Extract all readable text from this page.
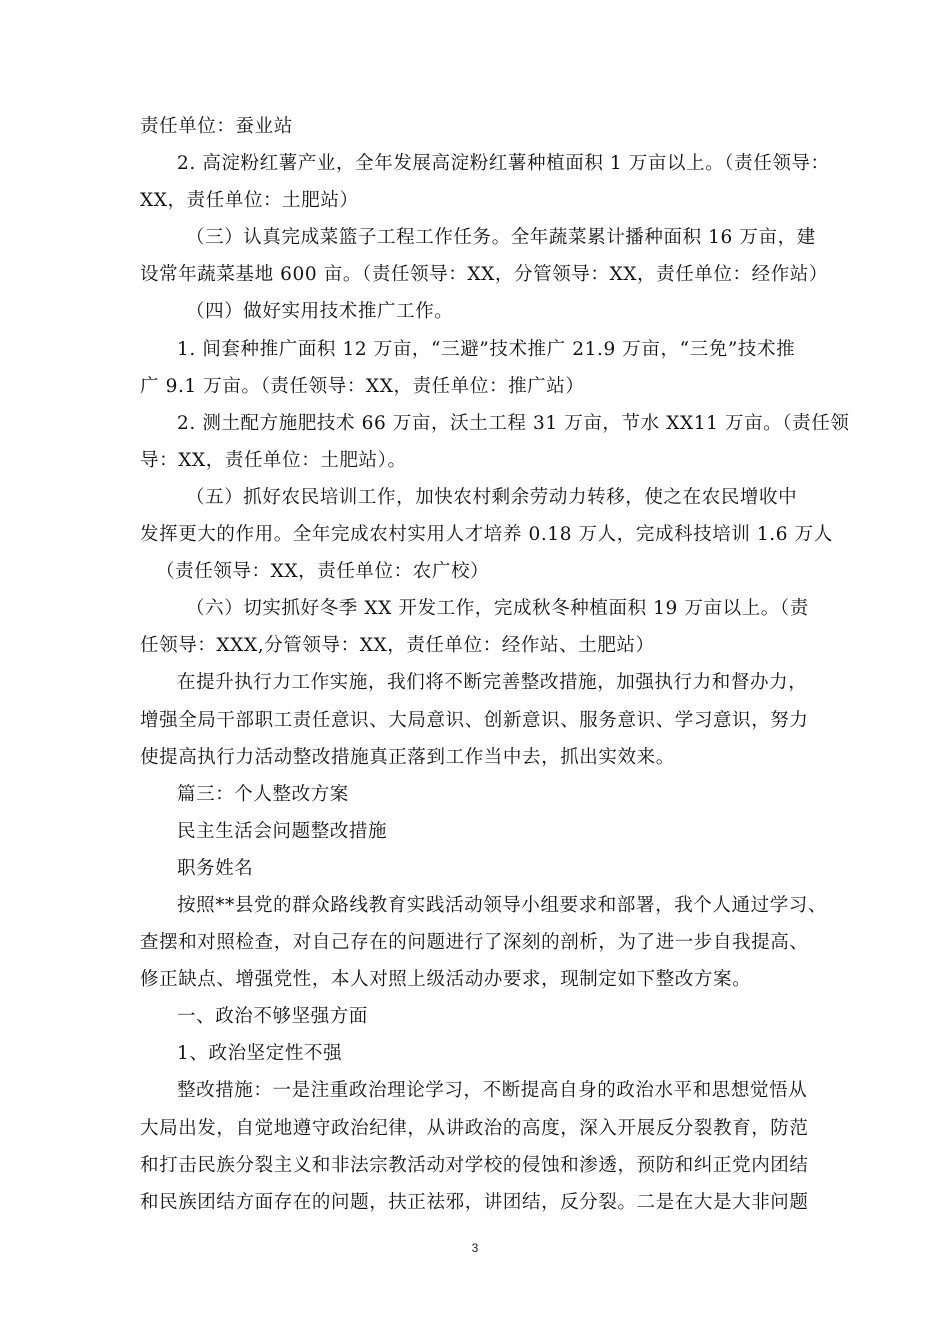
责任单位：蚕业站
2. 高淀粉红薯产业，全年发展高淀粉红薯种植面积 1 万亩以上。（责任领导：
XX，责任单位：土肥站）
（三）认真完成菜篮子工程工作任务。全年蔬菜累计播种面积 16 万亩，建
设常年蔬菜基地 600 亩。（责任领导：XX，分管领导：XX，责任单位：经作站）
（四）做好实用技术推广工作。
1. 间套种推广面积 12 万亩，“三避”技术推广 21.9 万亩，“三免”技术推
广 9.1 万亩。（责任领导：XX，责任单位：推广站）
2. 测土配方施肥技术 66 万亩，沃土工程 31 万亩，节水 XX11 万亩。（责任领
导：XX，责任单位：土肥站）。
（五）抓好农民培训工作，加快农村剩余劳动力转移，使之在农民增收中
发挥更大的作用。全年完成农村实用人才培养 0.18 万人，完成科技培训 1.6 万人
（责任领导：XX，责任单位：农广校）
（六）切实抓好冬季 XX 开发工作，完成秋冬种植面积 19 万亩以上。（责
任领导：XXX,分管领导：XX，责任单位：经作站、土肥站）
在提升执行力工作实施，我们将不断完善整改措施，加强执行力和督办力，
增强全局干部职工责任意识、大局意识、创新意识、服务意识、学习意识，努力
使提高执行力活动整改措施真正落到工作当中去，抓出实效来。
篇三：个人整改方案
民主生活会问题整改措施
职务姓名
按照**县党的群众路线教育实践活动领导小组要求和部署，我个人通过学习、
查摆和对照检查，对自己存在的问题进行了深刻的剖析，为了进一步自我提高、
修正缺点、增强党性，本人对照上级活动办要求，现制定如下整改方案。
一、政治不够坚强方面
1、政治坚定性不强
整改措施：一是注重政治理论学习，不断提高自身的政治水平和思想觉悟从
大局出发，自觉地遵守政治纪律，从讲政治的高度，深入开展反分裂教育，防范
和打击民族分裂主义和非法宗教活动对学校的侵蚀和渗透，预防和纠正党内团结
和民族团结方面存在的问题，扶正祛邪，讲团结，反分裂。二是在大是大非问题
3
